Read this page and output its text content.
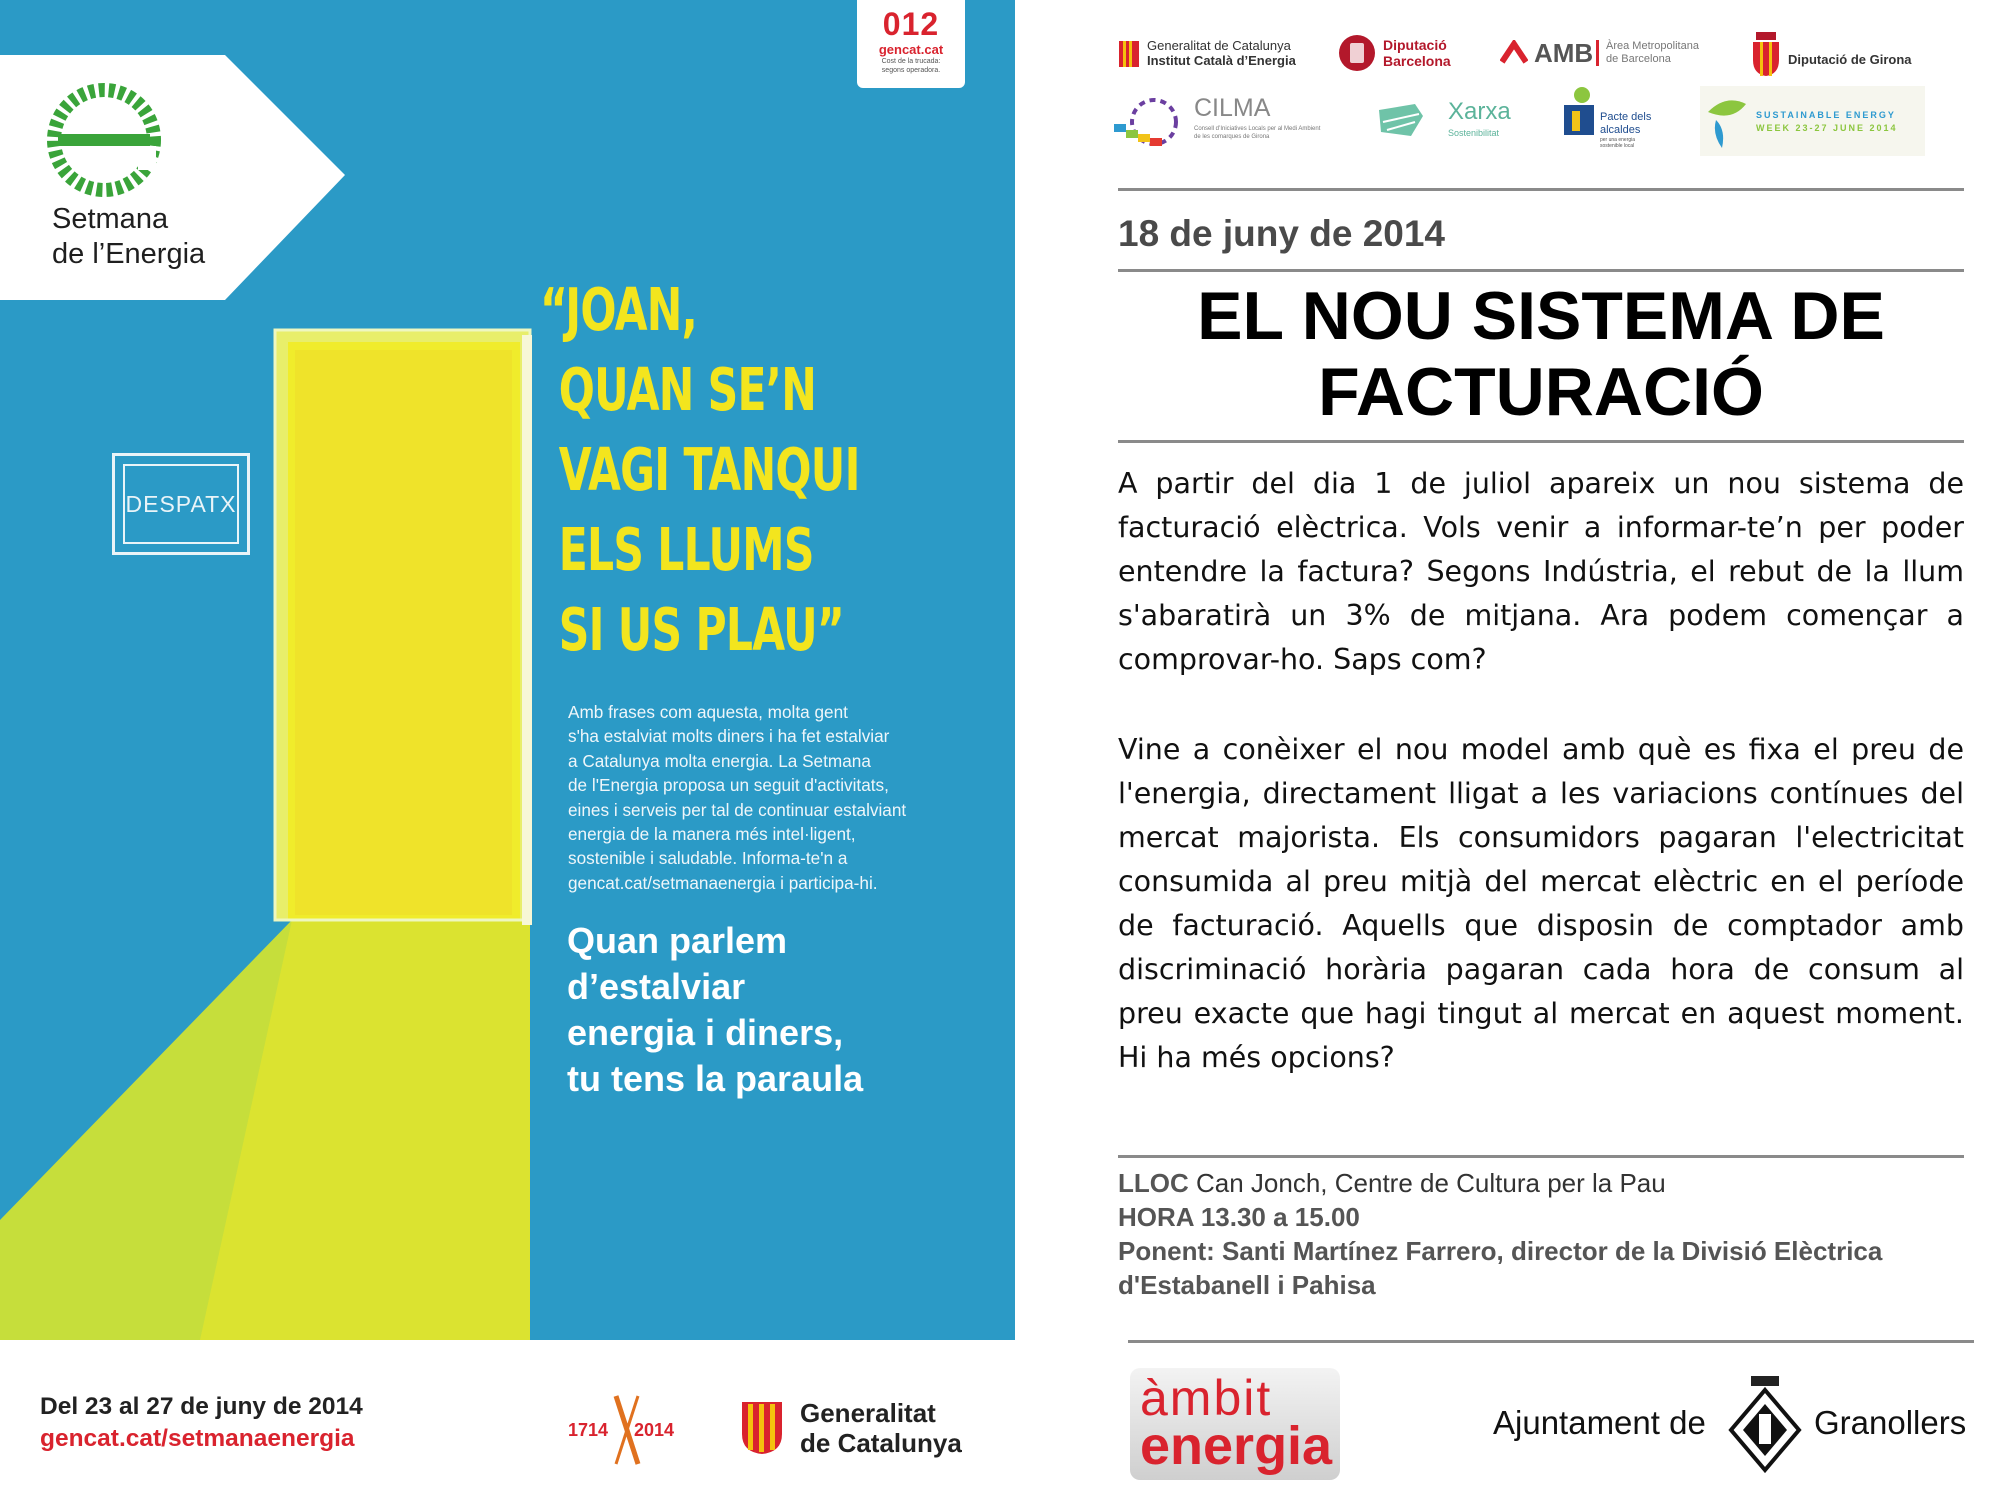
Setmana
de l’Energia
012
gencat.cat
Cost de la trucada:
segons operadora.
DESPATX
“JOAN,
QUAN SE’N
VAGI TANQUI
ELS LLUMS
SI US PLAU”
Amb frases com aquesta, molta gent
s'ha estalviat molts diners i ha fet estalviar
a Catalunya molta energia. La Setmana
de l'Energia proposa un seguit d'activitats,
eines i serveis per tal de continuar estalviant
energia de la manera més intel·ligent,
sostenible i saludable. Informa-te'n a
gencat.cat/setmanaenergia i participa-hi.
Quan parlem
d’estalviar
energia i diners,
tu tens la paraula
Del 23 al 27 de juny de 2014
gencat.cat/setmanaenergia	1714 2014
Generalitat
de Catalunya
Generalitat de Catalunya
Institut Català d’Energia
Diputació
Barcelona	AMB Àrea Metropolitana
de Barcelona	Diputació de Girona
CILMA
Consell d’Iniciatives Locals per al Medi Ambient
de les comarques de Girona
Xarxa
Sostenibilitat
Pacte dels
alcaldes
per una energia
sostenible local
SUSTAINABLE ENERGY
WEEK 23-27 JUNE 2014
18 de juny de 2014
EL NOU SISTEMA DE
FACTURACIÓ
A partir del dia 1 de juliol apareix un nou sistema de facturació elèctrica. Vols venir a informar-te’n per poder entendre la factura? Segons Indústria, el rebut de la llum s'abaratirà un 3% de mitjana. Ara podem començar a comprovar-ho. Saps com?
Vine a conèixer el nou model amb què es fixa el preu de l'energia, directament lligat a les variacions contínues del mercat majorista. Els consumidors pagaran l'electricitat consumida al preu mitjà del mercat elèctric en el període de facturació. Aquells que disposin de comptador amb discriminació horària pagaran cada hora de consum al preu exacte que hagi tingut al mercat en aquest moment. Hi ha més opcions?
LLOC Can Jonch, Centre de Cultura per la Pau
HORA 13.30 a 15.00
Ponent: Santi Martínez Farrero, director de la Divisió Elèctrica
d'Estabanell i Pahisa
àmbit
energia	Ajuntament de	Granollers
